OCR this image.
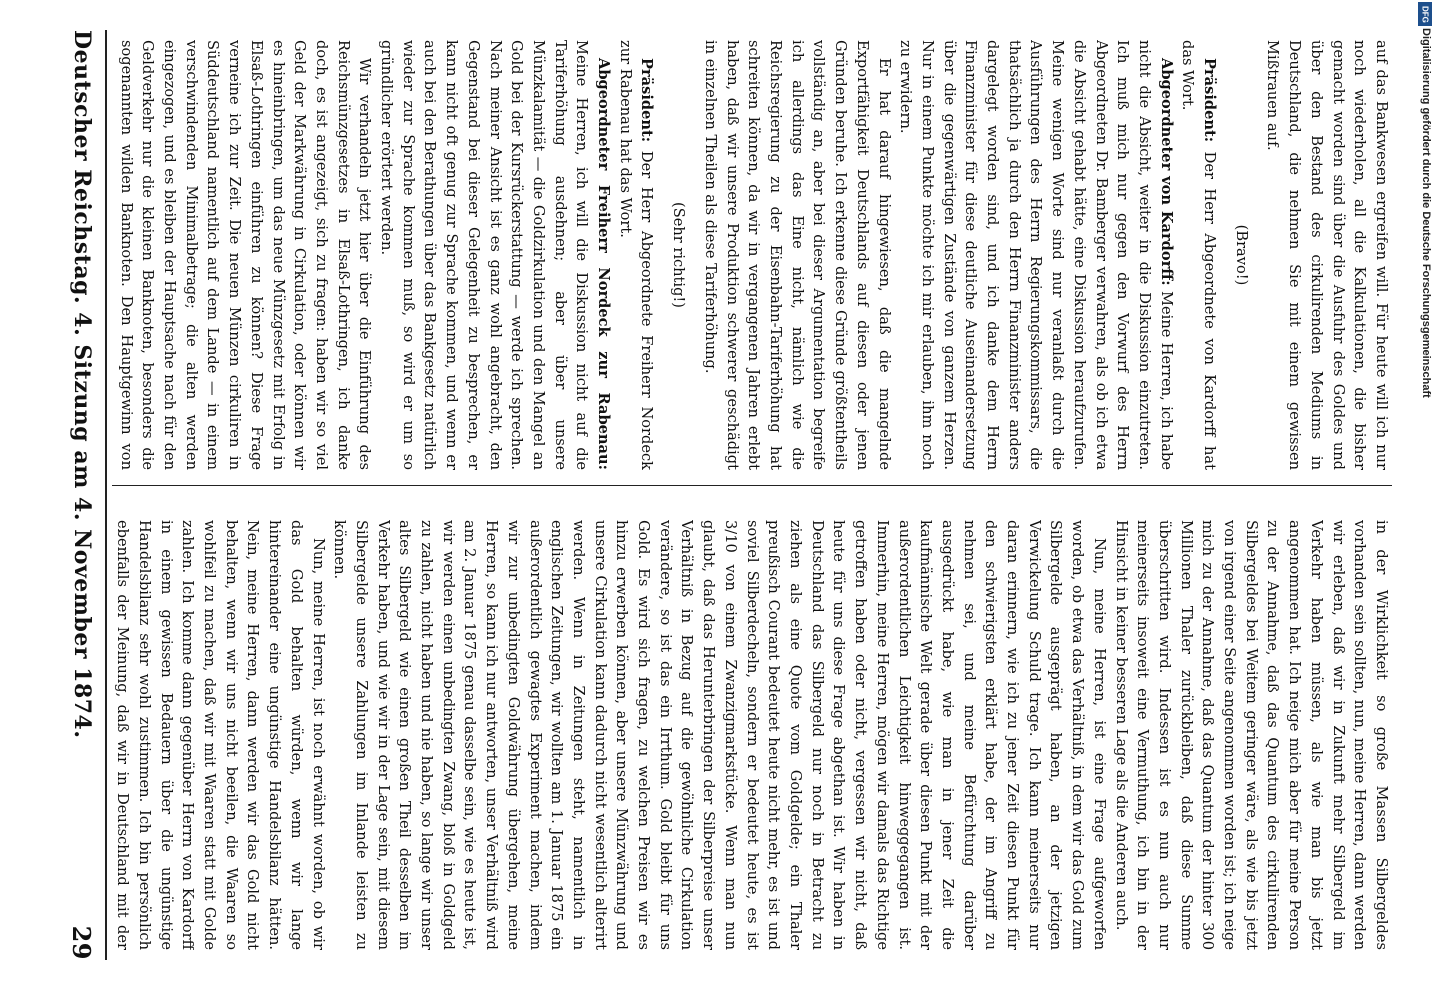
Deutscher Reichstag. 4. Sitzung am 4. November 1874.
29	in der Wirklichkeit so große Massen Silbergeldes vorhanden sein sollten, nun, meine Herren, dann werden wir erleben, daß wir in Zukunft mehr Silbergeld im Verkehr haben müssen, als wie man bis jetzt angenommen hat. Ich neige mich aber für meine Person zu der Annahme, daß das Quantum des cirkulirenden Silbergeldes bei Weitem geringer wäre, als wie bis jetzt von irgend einer Seite angenommen worden ist; ich neige mich zu der Annahme, daß das Quantum der hinter 300 Millionen Thaler zurückbleiben, daß diese Summe überschritten wird. Indessen ist es nun auch nur meinerseits insoweit eine Vermuthung, ich bin in der Hinsicht in keiner besseren Lage als die Anderen auch.

Nun, meine Herren, ist eine Frage aufgeworfen worden, ob etwa das Verhältniß, in dem wir das Gold zum Silbergelde ausgeprägt haben, an der jetzigen Verwickelung Schuld trage. Ich kann meinerseits nur daran erinnern, wie ich zu jener Zeit diesen Punkt für den schwierigsten erklärt habe, der im Angriff zu nehmen sei, und meine Befürchtung darüber ausgedrückt habe, wie man in jener Zeit die kaufmännische Welt gerade über diesen Punkt mit der außerordentlichen Leichtigkeit hinweggegangen ist. Immerhin, meine Herren, mögen wir damals das Richtige getroffen haben oder nicht, vergessen wir nicht, daß heute für uns diese Frage abgethan ist. Wir haben in Deutschland das Silbergeld nur noch in Betracht zu ziehen als eine Quote vom Goldgelde; ein Thaler preußisch Courant bedeutet heute nicht mehr, es ist und soviel Silberdecheln, sondern er bedeutet heute, es ist 3/10 von einem Zwanzigmarkstücke. Wenn man nun glaubt, daß das Herunterbringen der Silberpreise unser Verhältniß in Bezug auf die gewöhnliche Cirkulation verändere, so ist das ein Irrthum. Gold bleibt für uns Gold. Es wird sich fragen, zu welchen Preisen wir es hinzu erwerben können, aber unsere Münzwährung und unsere Cirkulation kann dadurch nicht wesentlich alterirt werden. Wenn in Zeitungen steht, namentlich in englischen Zeitungen, wir wollten am 1. Januar 1875 ein außerordentlich gewagtes Experiment machen, indem wir zur unbedingten Goldwährung übergehen, meine Herren, so kann ich nur antworten, unser Verhältniß wird am 2. Januar 1875 genau dasselbe sein, wie es heute ist, wir werden einen unbedingten Zwang, bloß in Goldgeld zu zahlen, nicht haben und nie haben, so lange wir unser altes Silbergeld wie einen großen Theil desselben im Verkehr haben, und wie wir in der Lage sein, mit diesem Silbergelde unsere Zahlungen im Inlande leisten zu können.

Nun, meine Herren, ist noch erwähnt worden, ob wir das Gold behalten würden, wenn wir lange hintereinander eine ungünstige Handelsbilanz hätten. Nein, meine Herren, dann werden wir das Gold nicht behalten, wenn wir uns nicht beeilen, die Waaren so wohlfeil zu machen, daß wir mit Waaren statt mit Golde zahlen. Ich komme dann gegenüber Herrn von Kardorff in einem gewissen Bedauern über die ungünstige Handelsbilanz sehr wohl zustimmen. Ich bin persönlich ebenfalls der Meinung, daß wir in Deutschland mit der

auf das Bankwesen ergreifen will. Für heute will ich nur noch wiederholen, all die Kalkulationen, die bisher gemacht worden sind über die Ausfuhr des Goldes und über den Bestand des cirkulirenden Mediums in Deutschland, die nehmen Sie mit einem gewissen Mißtrauen auf.

(Bravo!)

Präsident: Der Herr Abgeordnete von Kardorff hat das Wort.

Abgeordneter von Kardorff: Meine Herren, ich habe nicht die Absicht, weiter in die Diskussion einzutreten. Ich muß mich nur gegen den Vorwurf des Herrn Abgeordneten Dr. Bamberger verwahren, als ob ich etwa die Absicht gehabt hätte, eine Diskussion heraufzurufen. Meine wenigen Worte sind nur veranlaßt durch die Ausführungen des Herrn Regierungskommissars, die thatsächlich ja durch den Herrn Finanzminister anders dargelegt worden sind, und ich danke dem Herrn Finanzminister für diese deutliche Auseinandersetzung über die gegenwärtigen Zustände von ganzem Herzen. Nur in einem Punkte möchte ich mir erlauben, ihm noch zu erwidern.

Er hat darauf hingewiesen, daß die mangelnde Exportfähigkeit Deutschlands auf diesen oder jenen Gründen beruhe. Ich erkenne diese Gründe größtentheils vollständig an, aber bei dieser Argumentation begreife ich allerdings das Eine nicht, nämlich wie die Reichsregierung zu der Eisenbahn-Tariferhöhung hat schreiten können, da wir in vergangenen Jahren erlebt haben, daß wir unsere Produktion schwerer geschädigt in einzelnen Theilen als diese Tariferhöhung.

(Sehr richtig!)

Präsident: Der Herr Abgeordnete Freiherr Nordeck zur Rabenau hat das Wort.

Abgeordneter Freiherr Nordeck zur Rabenau: Meine Herren, ich will die Diskussion nicht auf die Tariferhöhung ausdehnen; aber über unsere Münzkalamität — die Goldzirkulation und den Mangel an Gold bei der Kursrückerstattung — werde ich sprechen. Nach meiner Ansicht ist es ganz wohl angebracht, den Gegenstand bei dieser Gelegenheit zu besprechen, er kann nicht oft genug zur Sprache kommen, und wenn er auch bei den Berathungen über das Bankgesetz natürlich wieder zur Sprache kommen muß, so wird er um so gründlicher erörtert werden.

Wir verhandeln jetzt hier über die Einführung des Reichsmünzgesetzes in Elsaß-Lothringen, ich danke doch, es ist angezeigt, sich zu fragen: haben wir so viel Geld der Markwährung in Cirkulation, oder können wir es hineinbringen, um das neue Münzgesetz mit Erfolg in Elsaß-Lothringen einführen zu können? Diese Frage verneine ich zur Zeit. Die neuen Münzen cirkuliren in Süddeutschland namentlich auf dem Lande — in einem verschwindenden Minimalbetrage; die alten werden eingezogen, und es bleiben der Hauptsache nach für den Geldverkehr nur die kleinen Banknoten, besonders die sogenannten wilden Banknoten. Den Hauptgewinn von

DFG
Digitalisierung gefördert durch die Deutsche Forschungsgemeinschaft
